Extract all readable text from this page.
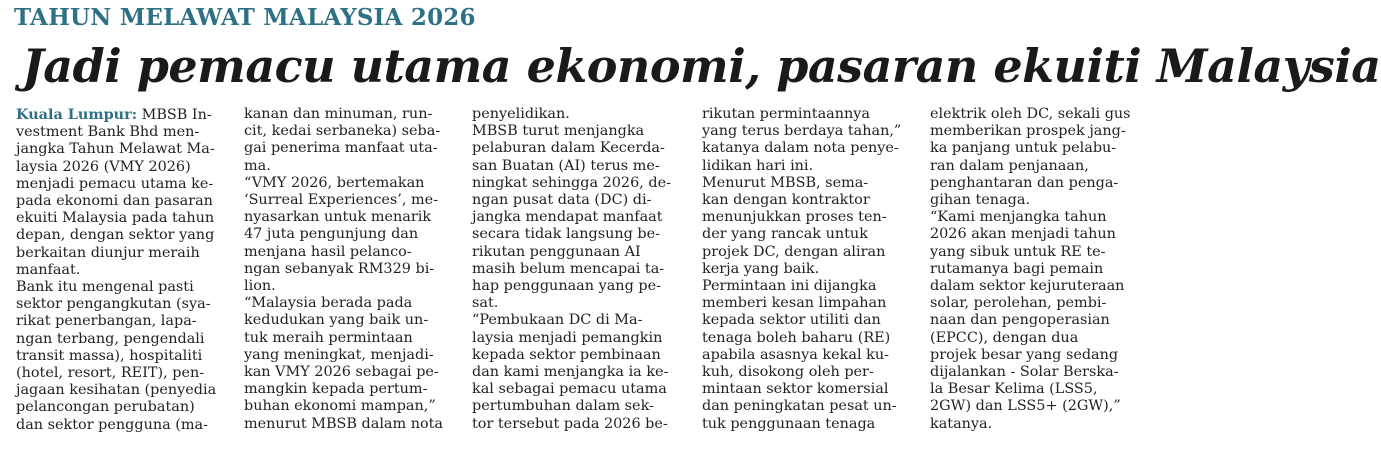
TAHUN MELAWAT MALAYSIA 2026
Jadi pemacu utama ekonomi, pasaran ekuiti Malaysia
Kuala Lumpur: MBSB In-
vestment Bank Bhd men-
jangka Tahun Melawat Ma-
laysia 2026 (VMY 2026)
menjadi pemacu utama ke-
pada ekonomi dan pasaran
ekuiti Malaysia pada tahun
depan, dengan sektor yang
berkaitan diunjur meraih
manfaat.
Bank itu mengenal pasti
sektor pengangkutan (sya-
rikat penerbangan, lapa-
ngan terbang, pengendali
transit massa), hospitaliti
(hotel, resort, REIT), pen-
jagaan kesihatan (penyedia
pelancongan perubatan)
dan sektor pengguna (ma-
kanan dan minuman, run-
cit, kedai serbaneka) seba-
gai penerima manfaat uta-
ma.
“VMY 2026, bertemakan
‘Surreal Experiences’, me-
nyasarkan untuk menarik
47 juta pengunjung dan
menjana hasil pelanco-
ngan sebanyak RM329 bi-
lion.
“Malaysia berada pada
kedudukan yang baik un-
tuk meraih permintaan
yang meningkat, menjadi-
kan VMY 2026 sebagai pe-
mangkin kepada pertum-
buhan ekonomi mampan,”
menurut MBSB dalam nota
penyelidikan.
MBSB turut menjangka
pelaburan dalam Kecerda-
san Buatan (AI) terus me-
ningkat sehingga 2026, de-
ngan pusat data (DC) di-
jangka mendapat manfaat
secara tidak langsung be-
rikutan penggunaan AI
masih belum mencapai ta-
hap penggunaan yang pe-
sat.
“Pembukaan DC di Ma-
laysia menjadi pemangkin
kepada sektor pembinaan
dan kami menjangka ia ke-
kal sebagai pemacu utama
pertumbuhan dalam sek-
tor tersebut pada 2026 be-
rikutan permintaannya
yang terus berdaya tahan,”
katanya dalam nota penye-
lidikan hari ini.
Menurut MBSB, sema-
kan dengan kontraktor
menunjukkan proses ten-
der yang rancak untuk
projek DC, dengan aliran
kerja yang baik.
Permintaan ini dijangka
memberi kesan limpahan
kepada sektor utiliti dan
tenaga boleh baharu (RE)
apabila asasnya kekal ku-
kuh, disokong oleh per-
mintaan sektor komersial
dan peningkatan pesat un-
tuk penggunaan tenaga
elektrik oleh DC, sekali gus
memberikan prospek jang-
ka panjang untuk pelabu-
ran dalam penjanaan,
penghantaran dan penga-
gihan tenaga.
“Kami menjangka tahun
2026 akan menjadi tahun
yang sibuk untuk RE te-
rutamanya bagi pemain
dalam sektor kejuruteraan
solar, perolehan, pembi-
naan dan pengoperasian
(EPCC), dengan dua
projek besar yang sedang
dijalankan - Solar Berska-
la Besar Kelima (LSS5,
2GW) dan LSS5+ (2GW),”
katanya.
